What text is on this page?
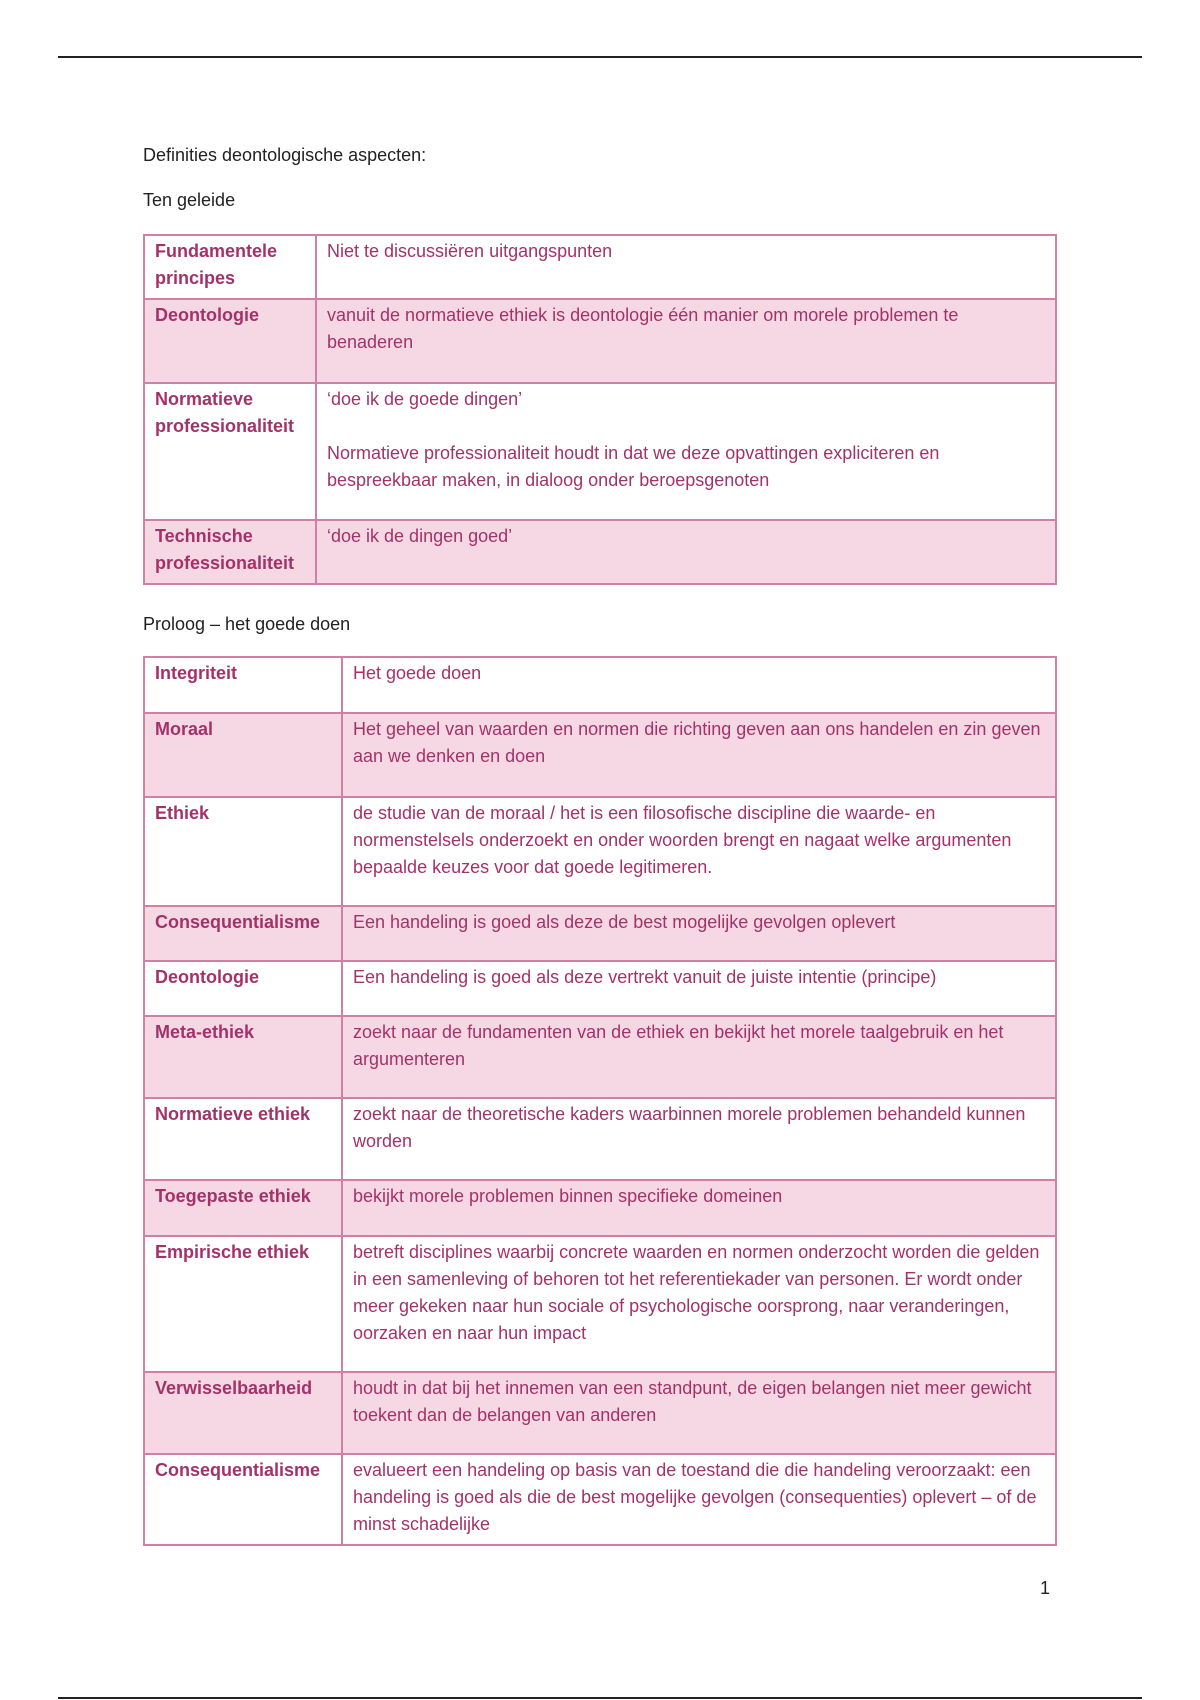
Definities deontologische aspecten:
Ten geleide
Fundamentele principes	Niet te discussiëren uitgangspunten

Deontologie	vanuit de normatieve ethiek is deontologie één manier om morele problemen te benaderen

Normatieve professionaliteit	‘doe ik de goede dingen’

Normatieve professionaliteit houdt in dat we deze opvattingen expliciteren en bespreekbaar maken, in dialoog onder beroepsgenoten

Technische professionaliteit	‘doe ik de dingen goed’

Proloog – het goede doen
Integriteit	Het goede doen

Moraal	Het geheel van waarden en normen die richting geven aan ons handelen en zin geven aan we denken en doen

Ethiek	de studie van de moraal / het is een filosofische discipline die waarde- en normenstelsels onderzoekt en onder woorden brengt en nagaat welke argumenten bepaalde keuzes voor dat goede legitimeren.

Consequentialisme	Een handeling is goed als deze de best mogelijke gevolgen oplevert

Deontologie	Een handeling is goed als deze vertrekt vanuit de juiste intentie (principe)

Meta-ethiek	zoekt naar de fundamenten van de ethiek en bekijkt het morele taalgebruik en het argumenteren

Normatieve ethiek	zoekt naar de theoretische kaders waarbinnen morele problemen behandeld kunnen worden

Toegepaste ethiek	bekijkt morele problemen binnen specifieke domeinen

Empirische ethiek	betreft disciplines waarbij concrete waarden en normen onderzocht worden die gelden in een samenleving of behoren tot het referentiekader van personen. Er wordt onder meer gekeken naar hun sociale of psychologische oorsprong, naar veranderingen, oorzaken en naar hun impact

Verwisselbaarheid	houdt in dat bij het innemen van een standpunt, de eigen belangen niet meer gewicht toekent dan de belangen van anderen

Consequentialisme	evalueert een handeling op basis van de toestand die die handeling veroorzaakt: een handeling is goed als die de best mogelijke gevolgen (consequenties) oplevert – of de minst schadelijke

1
